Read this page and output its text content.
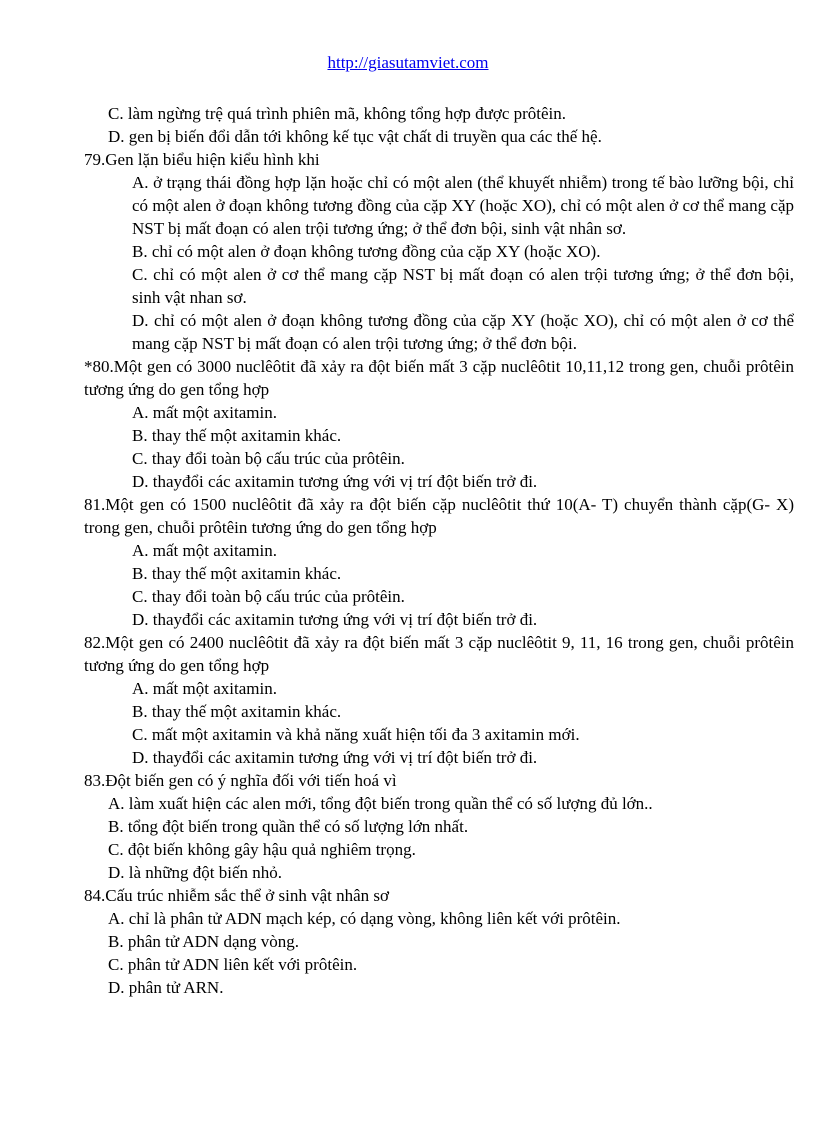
http://giasutamviet.com
C. làm ngừng trệ quá trình phiên mã, không tổng hợp được prôtêin.
D. gen bị biến đổi dẫn tới không kế tục vật chất di truyền qua các thế hệ.
79.Gen lặn biểu hiện kiểu hình khi
A. ở trạng thái đồng hợp lặn hoặc chỉ có một alen (thể khuyết nhiễm) trong tế bào lưỡng bội, chỉ có một alen ở đoạn không tương đồng của cặp XY (hoặc XO), chỉ có một alen ở cơ thể mang cặp NST bị mất đoạn có alen trội tương ứng; ở thể đơn bội, sinh vật nhân sơ.
B. chỉ có một alen ở đoạn không tương đồng của cặp XY (hoặc XO).
C. chỉ có một alen ở cơ thể mang cặp NST bị mất đoạn có alen trội tương ứng; ở thể đơn bội, sinh vật nhan sơ.
D. chỉ có một alen ở đoạn không tương đồng của cặp XY (hoặc XO), chỉ có một alen ở cơ thể mang cặp NST bị mất đoạn có alen trội tương ứng; ở thể đơn bội.
*80.Một gen có 3000 nuclêôtit đã xảy ra đột biến mất 3 cặp nuclêôtit 10,11,12 trong gen, chuỗi prôtêin tương ứng do gen tổng hợp
A. mất một axitamin.
B. thay thế một axitamin khác.
C. thay đổi toàn bộ cấu trúc của prôtêin.
D. thayđổi các axitamin tương ứng với vị trí đột biến trở đi.
81.Một gen có 1500 nuclêôtit đã xảy ra đột biến cặp nuclêôtit thứ 10(A- T) chuyển thành cặp(G- X) trong gen, chuỗi prôtêin tương ứng do gen tổng hợp
A. mất một axitamin.
B. thay thế một axitamin khác.
C. thay đổi toàn bộ cấu trúc của prôtêin.
D. thayđổi các axitamin tương ứng với vị trí đột biến trở đi.
82.Một gen có 2400 nuclêôtit đã xảy ra đột biến mất 3 cặp nuclêôtit 9, 11, 16 trong gen, chuỗi prôtêin tương ứng do gen tổng hợp
A. mất một axitamin.
B. thay thế một axitamin khác.
C. mất một axitamin và khả năng xuất hiện tối đa 3 axitamin mới.
D. thayđổi các axitamin tương ứng với vị trí đột biến trở đi.
83.Đột biến gen có ý nghĩa đối với tiến hoá vì
A. làm xuất hiện các alen mới, tổng đột biến trong quần thể có số lượng đủ lớn..
B. tổng đột biến trong quần thể có số lượng lớn nhất.
C. đột biến không gây hậu quả nghiêm trọng.
D. là những đột biến nhỏ.
84.Cấu trúc nhiễm sắc thể ở sinh vật nhân sơ
A. chỉ là phân tử ADN mạch kép, có dạng vòng, không liên kết với prôtêin.
B. phân tử ADN dạng vòng.
C. phân tử ADN liên kết với prôtêin.
D. phân tử ARN.
